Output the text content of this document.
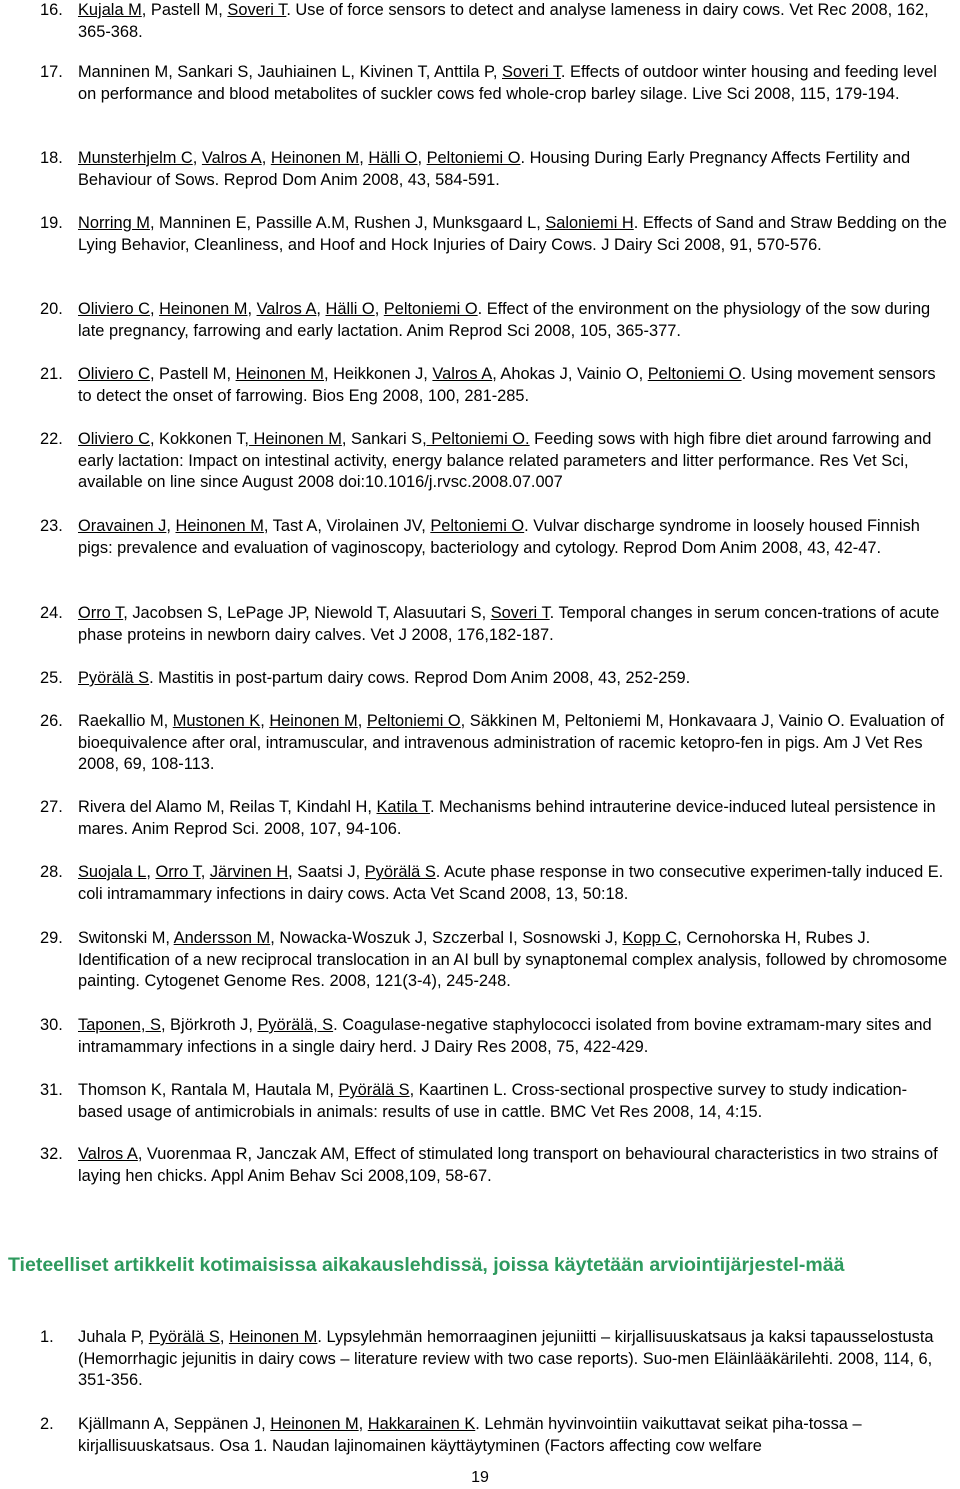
16. Kujala M, Pastell M, Soveri T. Use of force sensors to detect and analyse lameness in dairy cows. Vet Rec 2008, 162, 365-368.
17. Manninen M, Sankari S, Jauhiainen L, Kivinen T, Anttila P, Soveri T. Effects of outdoor winter housing and feeding level on performance and blood metabolites of suckler cows fed whole-crop barley silage. Live Sci 2008, 115, 179-194.
18. Munsterhjelm C, Valros A, Heinonen M, Hälli O, Peltoniemi O. Housing During Early Pregnancy Affects Fertility and Behaviour of Sows. Reprod Dom Anim 2008, 43, 584-591.
19. Norring M, Manninen E, Passille A.M, Rushen J, Munksgaard L, Saloniemi H. Effects of Sand and Straw Bedding on the Lying Behavior, Cleanliness, and Hoof and Hock Injuries of Dairy Cows. J Dairy Sci 2008, 91, 570-576.
20. Oliviero C, Heinonen M, Valros A, Hälli O, Peltoniemi O. Effect of the environment on the physiology of the sow during late pregnancy, farrowing and early lactation. Anim Reprod Sci 2008, 105, 365-377.
21. Oliviero C, Pastell M, Heinonen M, Heikkonen J, Valros A, Ahokas J, Vainio O, Peltoniemi O. Using movement sensors to detect the onset of farrowing. Bios Eng 2008, 100, 281-285.
22. Oliviero C, Kokkonen T, Heinonen M, Sankari S, Peltoniemi O. Feeding sows with high fibre diet around farrowing and early lactation: Impact on intestinal activity, energy balance related parameters and litter performance. Res Vet Sci, available on line since August 2008 doi:10.1016/j.rvsc.2008.07.007
23. Oravainen J, Heinonen M, Tast A, Virolainen JV, Peltoniemi O. Vulvar discharge syndrome in loosely housed Finnish pigs: prevalence and evaluation of vaginoscopy, bacteriology and cytology. Reprod Dom Anim 2008, 43, 42-47.
24. Orro T, Jacobsen S, LePage JP, Niewold T, Alasuutari S, Soveri T. Temporal changes in serum concen-trations of acute phase proteins in newborn dairy calves. Vet J 2008, 176,182-187.
25. Pyörälä S. Mastitis in post-partum dairy cows. Reprod Dom Anim 2008, 43, 252-259.
26. Raekallio M, Mustonen K, Heinonen M, Peltoniemi O, Säkkinen M, Peltoniemi M, Honkavaara J, Vainio O. Evaluation of bioequivalence after oral, intramuscular, and intravenous administration of racemic ketopro-fen in pigs. Am J Vet Res 2008, 69, 108-113.
27. Rivera del Alamo M, Reilas T, Kindahl H, Katila T. Mechanisms behind intrauterine device-induced luteal persistence in mares. Anim Reprod Sci. 2008, 107, 94-106.
28. Suojala L, Orro T, Järvinen H, Saatsi J, Pyörälä S. Acute phase response in two consecutive experimen-tally induced E. coli intramammary infections in dairy cows. Acta Vet Scand 2008, 13, 50:18.
29. Switonski M, Andersson M, Nowacka-Woszuk J, Szczerbal I, Sosnowski J, Kopp C, Cernohorska H, Rubes J. Identification of a new reciprocal translocation in an AI bull by synaptonemal complex analysis, followed by chromosome painting. Cytogenet Genome Res. 2008, 121(3-4), 245-248.
30. Taponen, S, Björkroth J, Pyörälä, S. Coagulase-negative staphylococci isolated from bovine extramam-mary sites and intramammary infections in a single dairy herd. J Dairy Res 2008, 75, 422-429.
31. Thomson K, Rantala M, Hautala M, Pyörälä S, Kaartinen L. Cross-sectional prospective survey to study indication-based usage of antimicrobials in animals: results of use in cattle. BMC Vet Res 2008, 14, 4:15.
32. Valros A, Vuorenmaa R, Janczak AM, Effect of stimulated long transport on behavioural characteristics in two strains of laying hen chicks. Appl Anim Behav Sci 2008,109, 58-67.
Tieteelliset artikkelit kotimaisissa aikakauslehdissä, joissa käytetään arviointijärjestel-mää
1. Juhala P, Pyörälä S, Heinonen M. Lypsylehmän hemorraaginen jejuniitti – kirjallisuuskatsaus ja kaksi tapausselostusta (Hemorrhagic jejunitis in dairy cows – literature review with two case reports). Suo-men Eläinlääkärilehti. 2008, 114, 6, 351-356.
2. Kjällmann A, Seppänen J, Heinonen M, Hakkarainen K. Lehmän hyvinvointiin vaikuttavat seikat piha-tossa – kirjallisuuskatsaus. Osa 1. Naudan lajinomainen käyttäytyminen (Factors affecting cow welfare
19
